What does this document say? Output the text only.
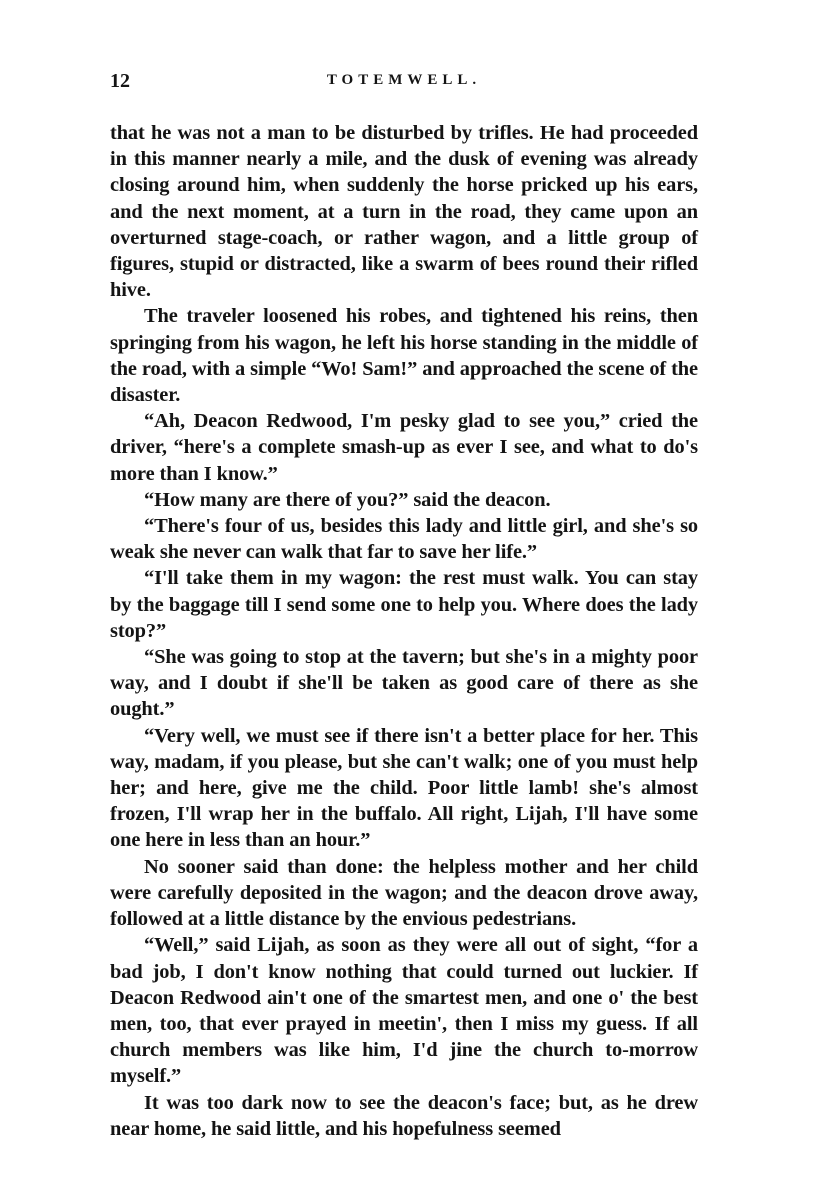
12	TOTEMWELL.

that he was not a man to be disturbed by trifles. He had proceeded in this manner nearly a mile, and the dusk of evening was already closing around him, when suddenly the horse pricked up his ears, and the next moment, at a turn in the road, they came upon an overturned stage-coach, or rather wagon, and a little group of figures, stupid or distracted, like a swarm of bees round their rifled hive.

The traveler loosened his robes, and tightened his reins, then springing from his wagon, he left his horse standing in the middle of the road, with a simple “Wo! Sam!” and approached the scene of the disaster.

“Ah, Deacon Redwood, I'm pesky glad to see you,” cried the driver, “here's a complete smash-up as ever I see, and what to do's more than I know.”

“How many are there of you?” said the deacon.

“There's four of us, besides this lady and little girl, and she's so weak she never can walk that far to save her life.”

“I'll take them in my wagon: the rest must walk. You can stay by the baggage till I send some one to help you. Where does the lady stop?”

“She was going to stop at the tavern; but she's in a mighty poor way, and I doubt if she'll be taken as good care of there as she ought.”

“Very well, we must see if there isn't a better place for her. This way, madam, if you please, but she can't walk; one of you must help her; and here, give me the child. Poor little lamb! she's almost frozen, I'll wrap her in the buffalo. All right, Lijah, I'll have some one here in less than an hour.”

No sooner said than done: the helpless mother and her child were carefully deposited in the wagon; and the deacon drove away, followed at a little distance by the envious pedestrians.

“Well,” said Lijah, as soon as they were all out of sight, “for a bad job, I don't know nothing that could turned out luckier. If Deacon Redwood ain't one of the smartest men, and one o' the best men, too, that ever prayed in meetin', then I miss my guess. If all church members was like him, I'd jine the church to-morrow myself.”

It was too dark now to see the deacon's face; but, as he drew near home, he said little, and his hopefulness seemed
